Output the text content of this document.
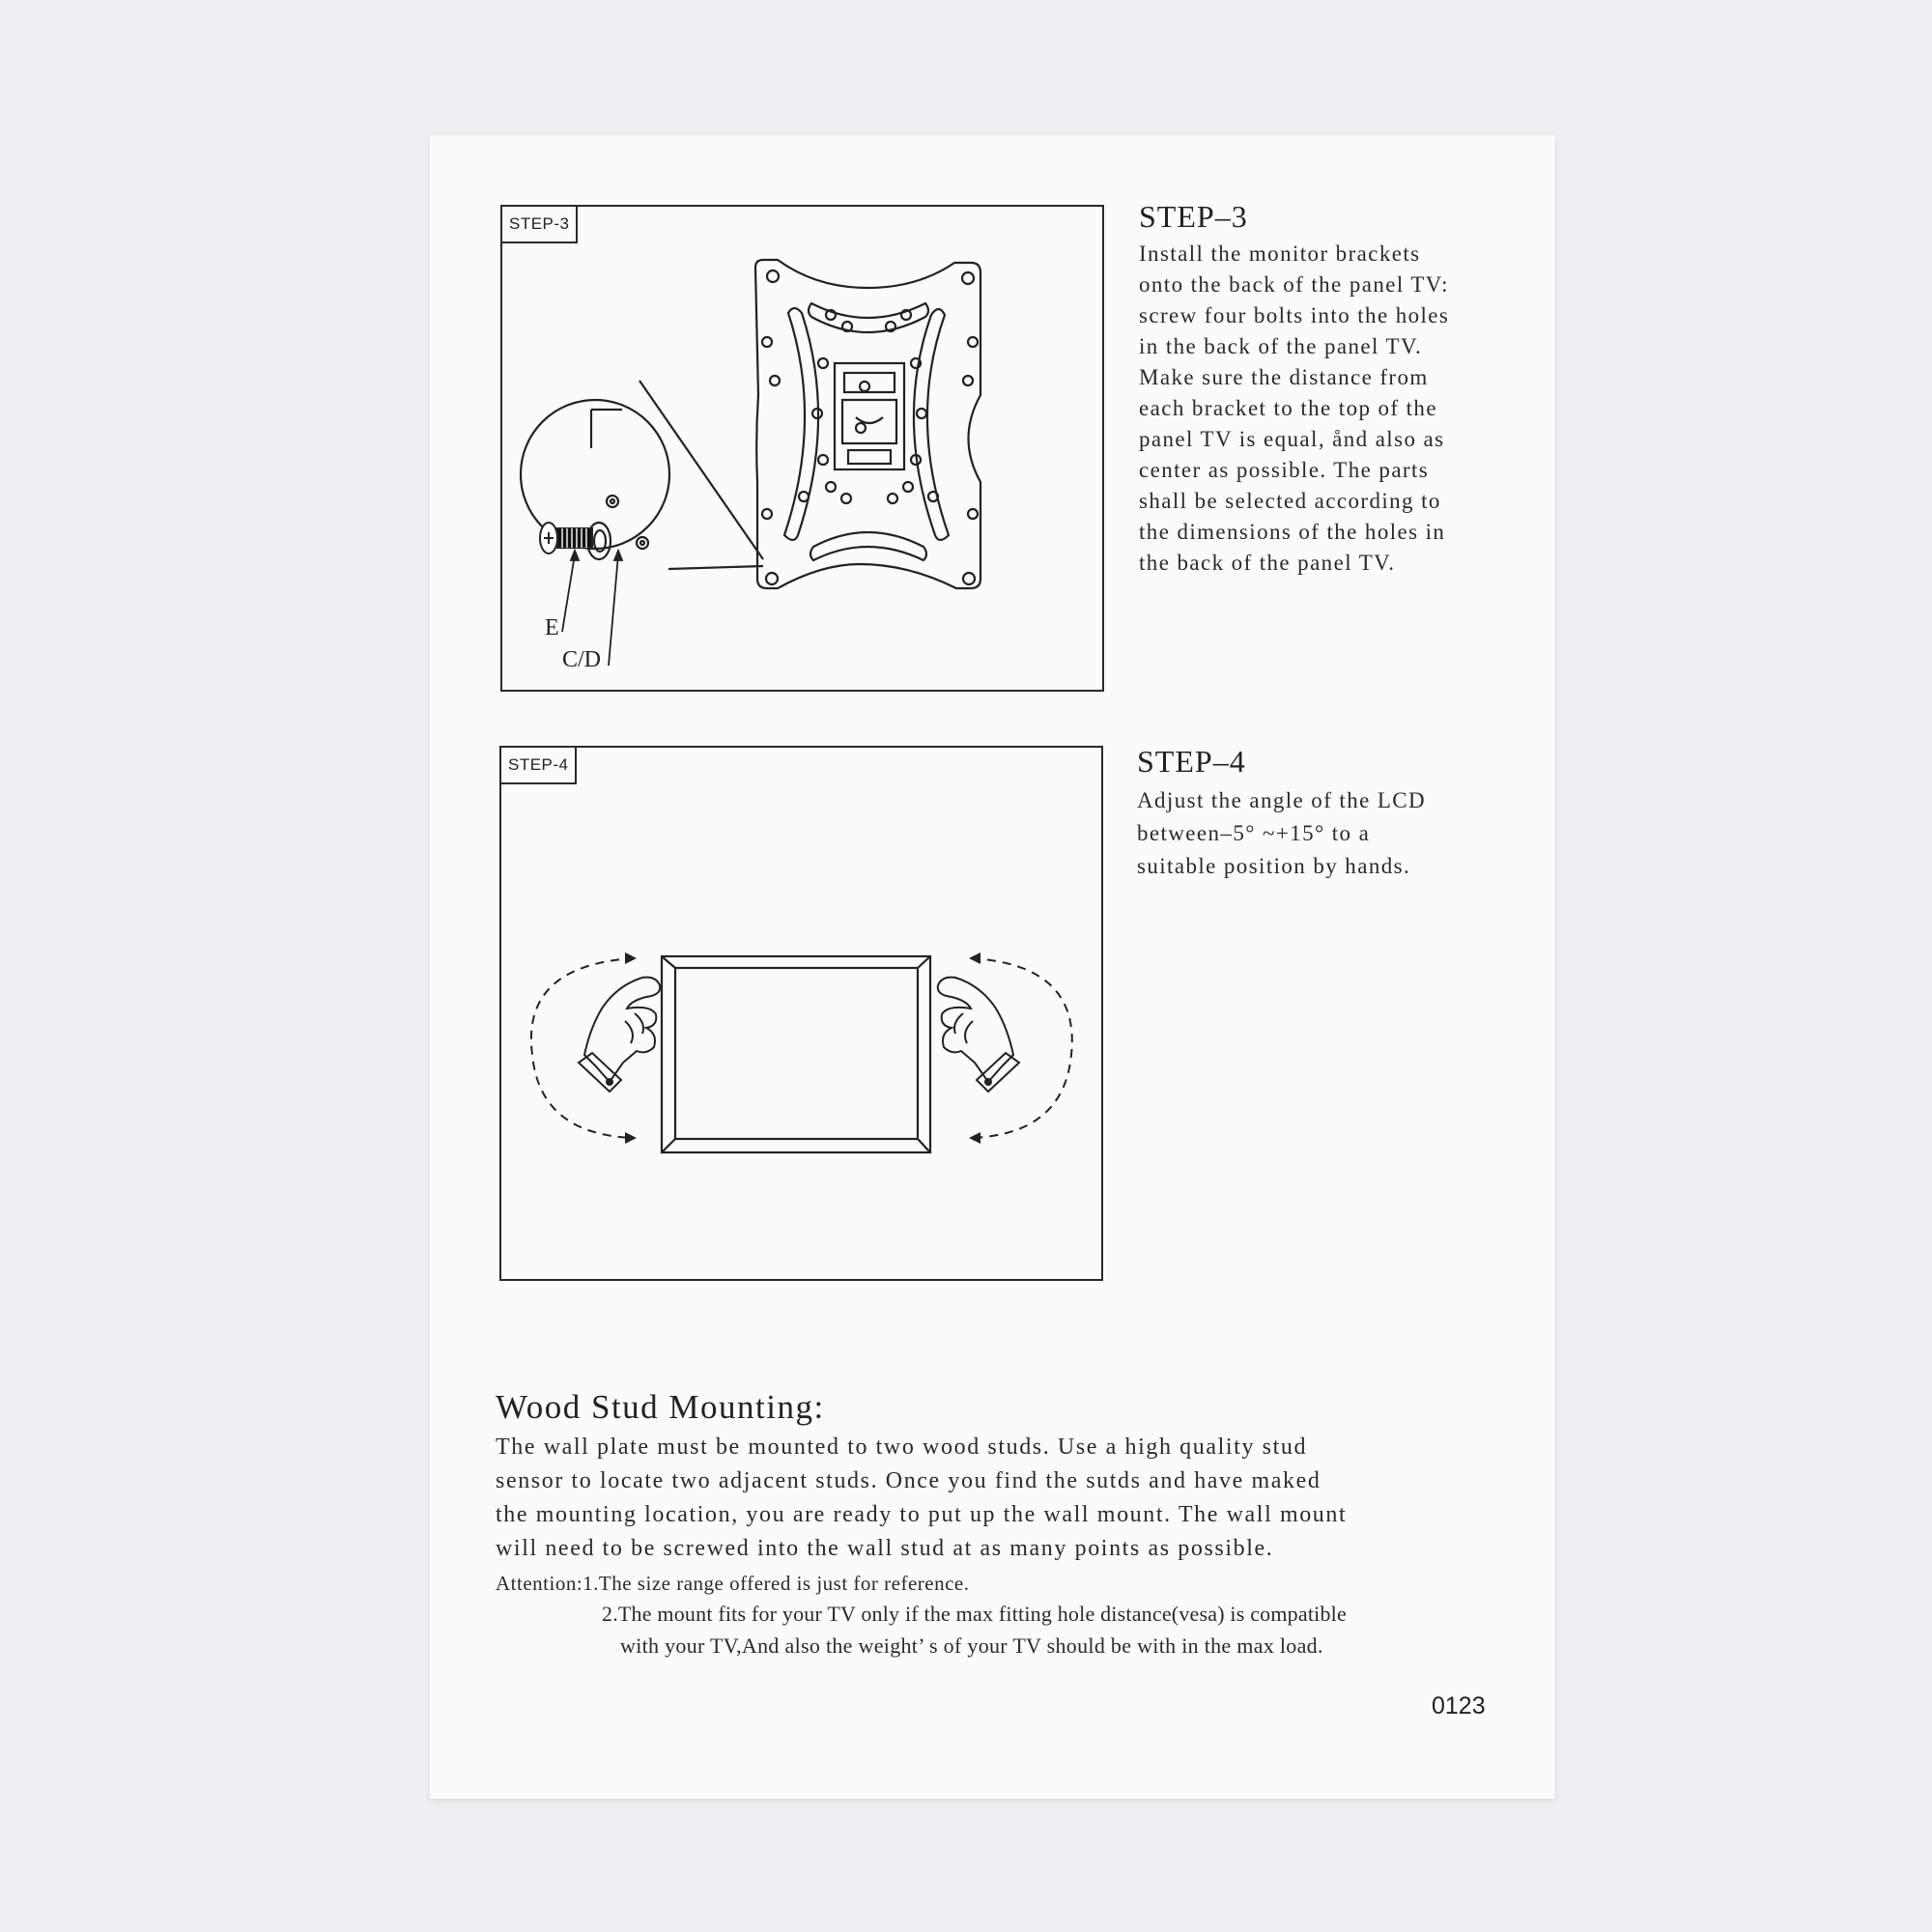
STEP-3
E
C/D
STEP–3
Install the monitor brackets
onto the back of the panel TV:
screw four bolts into the holes
in the back of the panel TV.
Make sure the distance from
each bracket to the top of the
panel TV is equal, ånd also as
center as possible. The parts
shall be selected according to
the dimensions of the holes in
the back of the panel TV.
STEP-4	STEP–4
Adjust the angle of the LCD
between–5° ~+15° to a
suitable position by hands.
Wood Stud Mounting:
The wall plate must be mounted to two wood studs. Use a high quality stud
sensor to locate two adjacent studs. Once you find the sutds and have maked
the mounting location, you are ready to put up the wall mount. The wall mount
will need to be screwed into the wall stud at as many points as possible.
Attention:1.The size range offered is just for reference.
2.The mount fits for your TV only if the max fitting hole distance(vesa) is compatible
with your TV,And also the weight’ s of your TV should be with in the max load.
0123
